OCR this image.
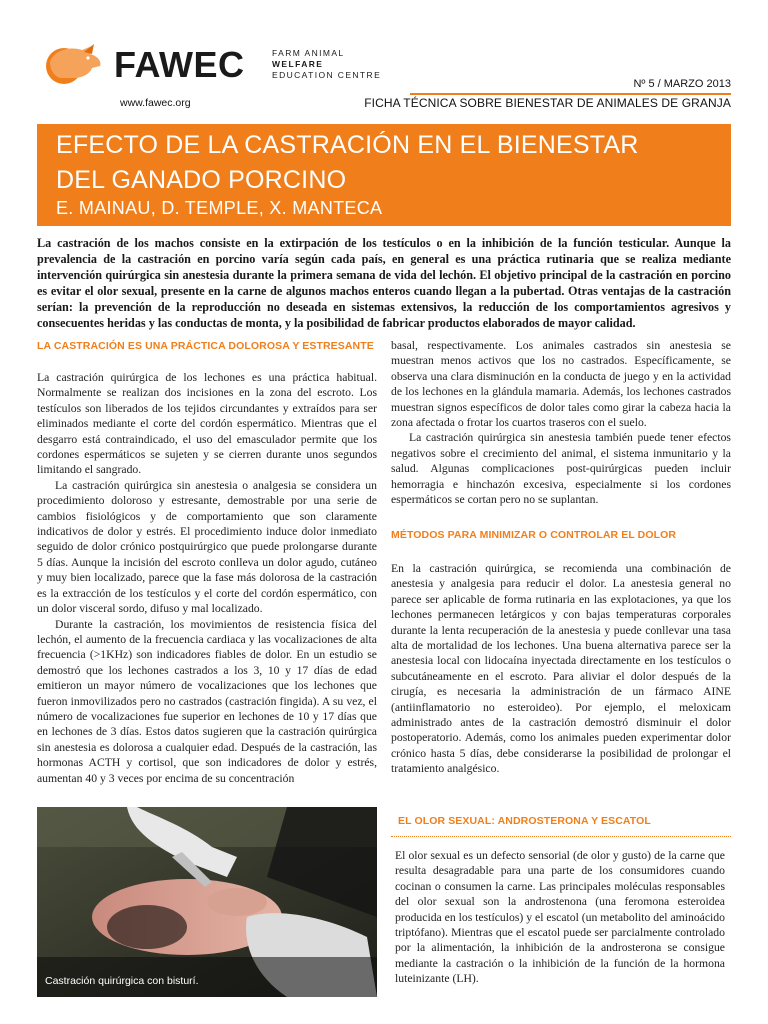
FAWEC	FARM ANIMAL
WELFARE
EDUCATION CENTRE
Nº 5 / MARZO 2013
www.fawec.org	FICHA TÉCNICA SOBRE BIENESTAR DE ANIMALES DE GRANJA
EFECTO DE LA CASTRACIÓN EN EL BIENESTAR
DEL GANADO PORCINO
E. MAINAU, D. TEMPLE, X. MANTECA
La castración de los machos consiste en la extirpación de los testículos o en la inhibición de la función testicular. Aunque la prevalencia de la castración en porcino varía según cada país, en general es una práctica rutinaria que se realiza mediante intervención quirúrgica sin anestesia durante la primera semana de vida del lechón. El objetivo principal de la castración en porcino es evitar el olor sexual, presente en la carne de algunos machos enteros cuando llegan a la pubertad. Otras ventajas de la castración serían: la prevención de la reproducción no deseada en sistemas extensivos, la reducción de los comportamientos agresivos y consecuentes heridas y las conductas de monta, y la posibilidad de fabricar productos elaborados de mayor calidad.
LA CASTRACIÓN ES UNA PRÁCTICA DOLOROSA Y ESTRESANTE

La castración quirúrgica de los lechones es una práctica habitual. Normalmente se realizan dos incisiones en la zona del escroto. Los testículos son liberados de los tejidos circundantes y extraídos para ser eliminados mediante el corte del cordón espermático. Mientras que el desgarro está contraindicado, el uso del emasculador permite que los cordones espermáticos se sujeten y se cierren durante unos segundos limitando el sangrado.

La castración quirúrgica sin anestesia o analgesia se considera un procedimiento doloroso y estresante, demostrable por una serie de cambios fisiológicos y de comportamiento que son claramente indicativos de dolor y estrés. El procedimiento induce dolor inmediato seguido de dolor crónico postquirúrgico que puede prolongarse durante 5 días. Aunque la incisión del escroto conlleva un dolor agudo, cutáneo y muy bien localizado, parece que la fase más dolorosa de la castración es la extracción de los testículos y el corte del cordón espermático, con un dolor visceral sordo, difuso y mal localizado.

Durante la castración, los movimientos de resistencia física del lechón, el aumento de la frecuencia cardiaca y las vocalizaciones de alta frecuencia (>1KHz) son indicadores fiables de dolor. En un estudio se demostró que los lechones castrados a los 3, 10 y 17 días de edad emitieron un mayor número de vocalizaciones que los lechones que fueron inmovilizados pero no castrados (castración fingida). A su vez, el número de vocalizaciones fue superior en lechones de 10 y 17 días que en lechones de 3 días. Estos datos sugieren que la castración quirúrgica sin anestesia es dolorosa a cualquier edad. Después de la castración, las hormonas ACTH y cortisol, que son indicadores de dolor y estrés, aumentan 40 y 3 veces por encima de su concentración

basal, respectivamente. Los animales castrados sin anestesia se muestran menos activos que los no castrados. Específicamente, se observa una clara disminución en la conducta de juego y en la actividad de los lechones en la glándula mamaria. Además, los lechones castrados muestran signos específicos de dolor tales como girar la cabeza hacia la zona afectada o frotar los cuartos traseros con el suelo.

La castración quirúrgica sin anestesia también puede tener efectos negativos sobre el crecimiento del animal, el sistema inmunitario y la salud. Algunas complicaciones post-quirúrgicas pueden incluir hemorragia e hinchazón excesiva, especialmente si los cordones espermáticos se cortan pero no se suplantan.

MÉTODOS PARA MINIMIZAR O CONTROLAR EL DOLOR

En la castración quirúrgica, se recomienda una combinación de anestesia y analgesia para reducir el dolor. La anestesia general no parece ser aplicable de forma rutinaria en las explotaciones, ya que los lechones permanecen letárgicos y con bajas temperaturas corporales durante la lenta recuperación de la anestesia y puede conllevar una tasa alta de mortalidad de los lechones. Una buena alternativa parece ser la anestesia local con lidocaína inyectada directamente en los testículos o subcutáneamente en el escroto. Para aliviar el dolor después de la cirugía, es necesaria la administración de un fármaco AINE (antiinflamatorio no esteroideo). Por ejemplo, el meloxicam administrado antes de la castración demostró disminuir el dolor postoperatorio. Además, como los animales pueden experimentar dolor crónico hasta 5 días, debe considerarse la posibilidad de prolongar el tratamiento analgésico.

EL OLOR SEXUAL: ANDROSTERONA Y ESCATOL

El olor sexual es un defecto sensorial (de olor y gusto) de la carne que resulta desagradable para una parte de los consumidores cuando cocinan o consumen la carne. Las principales moléculas responsables del olor sexual son la androstenona (una feromona esteroidea producida en los testículos) y el escatol (un metabolito del aminoácido triptófano). Mientras que el escatol puede ser parcialmente controlado por la alimentación, la inhibición de la androsterona se consigue mediante la castración o la inhibición de la función de la hormona luteinizante (LH).

Castración quirúrgica con bisturí.
